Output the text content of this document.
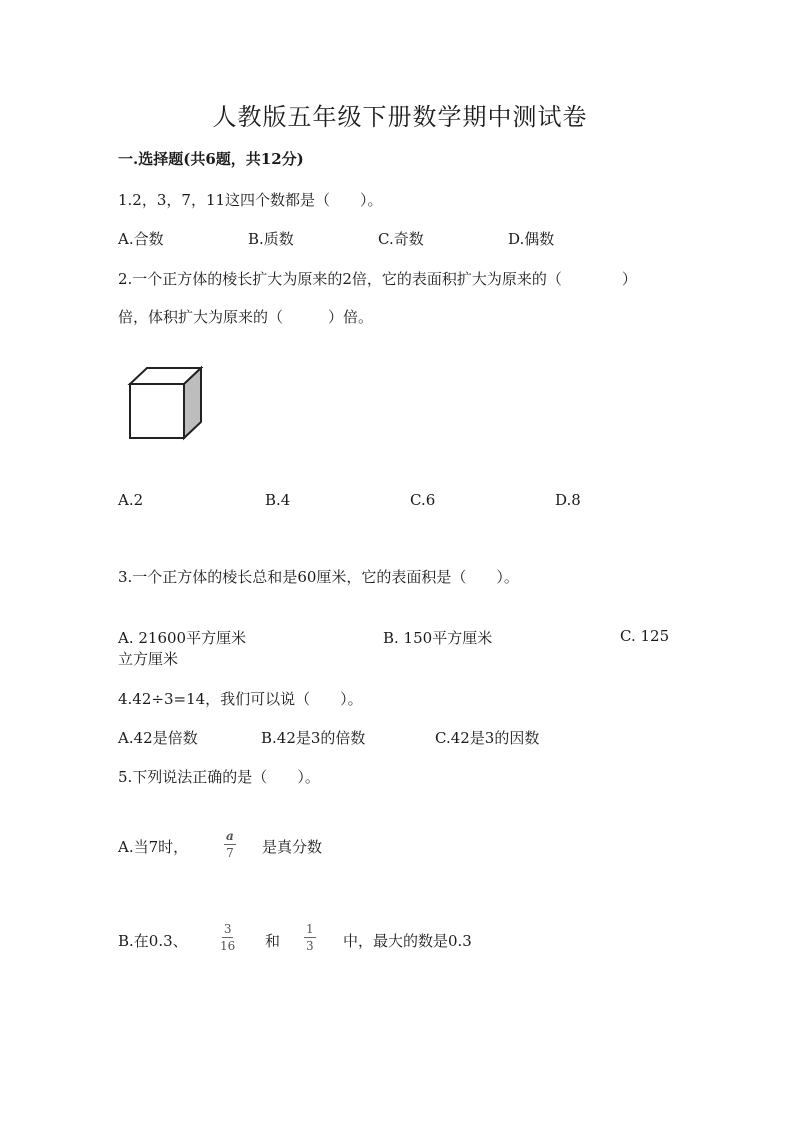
人教版五年级下册数学期中测试卷
一.选择题(共6题，共12分)
1.2，3，7，11这四个数都是（　　）。
A.合数	B.质数	C.奇数	D.偶数
2.一个正方体的棱长扩大为原来的2倍，它的表面积扩大为原来的（　　　　）
倍，体积扩大为原来的（　　　）倍。
A.2	B.4	C.6	D.8
3.一个正方体的棱长总和是60厘米，它的表面积是（　　）。
A. 21600平方厘米	B. 150平方厘米	C. 125
立方厘米
4.42÷3=14，我们可以说（　　）。
A.42是倍数	B.42是3的倍数	C.42是3的因数
5.下列说法正确的是（　　）。
A.当7时，	$\frac{a}{7}$ 是真分数
B.在0.3、	$\frac{3}{16}$ 和 $\frac{1}{3}$ 中，最大的数是0.3
